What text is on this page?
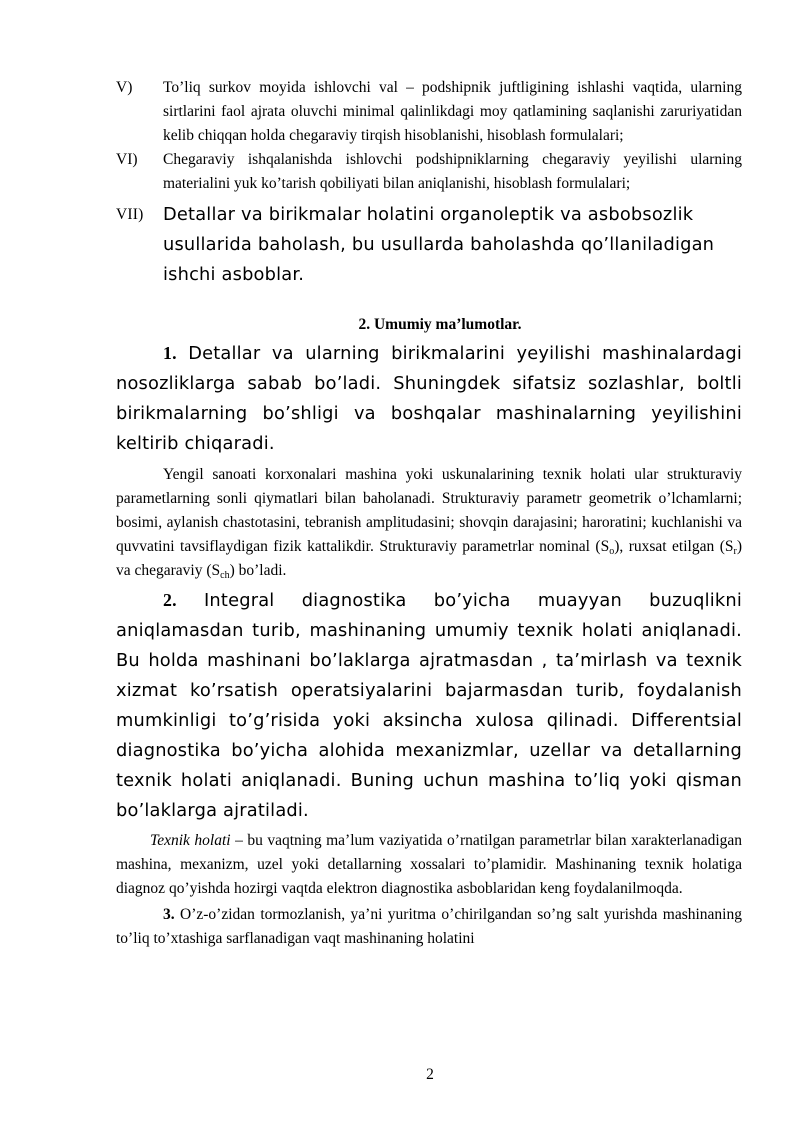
V)	To’liq surkov moyida ishlovchi val – podshipnik juftligining ishlashi vaqtida, ularning sirtlarini faol ajrata oluvchi minimal qalinlikdagi moy qatlamining saqlanishi zaruriyatidan kelib chiqqan holda chegaraviy tirqish hisoblanishi, hisoblash formulalari;
VI)	Chegaraviy ishqalanishda ishlovchi podshipniklarning chegaraviy yeyilishi ularning materialini yuk ko’tarish qobiliyati bilan aniqlanishi, hisoblash formulalari;
VII)	Detallar va birikmalar holatini organoleptik va asbobsozlik usullarida baholash, bu usullarda baholashda qo’llaniladigan ishchi asboblar.
2. Umumiy ma’lumotlar.

1. Detallar va ularning birikmalarini yeyilishi mashinalardagi nosozliklarga sabab bo’ladi. Shuningdek sifatsiz sozlashlar, boltli birikmalarning bo’shligi va boshqalar mashinalarning yeyilishini keltirib chiqaradi.

Yengil sanoati korxonalari mashina yoki uskunalarining texnik holati ular strukturaviy parametlarning sonli qiymatlari bilan baholanadi. Strukturaviy parametr geometrik o’lchamlarni; bosimi, aylanish chastotasini, tebranish amplitudasini; shovqin darajasini; haroratini; kuchlanishi va quvvatini tavsiflaydigan fizik kattalikdir. Strukturaviy parametrlar nominal $(S_o)$, ruxsat etilgan $(S_r)$ va chegaraviy $(S_{ch})$ bo’ladi.

2. Integral diagnostika bo’yicha muayyan buzuqlikni aniqlamasdan turib, mashinaning umumiy texnik holati aniqlanadi. Bu holda mashinani bo’laklarga ajratmasdan , ta’mirlash va texnik xizmat ko’rsatish operatsiyalarini bajarmasdan turib, foydalanish mumkinligi to’g’risida yoki aksincha xulosa qilinadi. Differentsial diagnostika bo’yicha alohida mexanizmlar, uzellar va detallarning texnik holati aniqlanadi. Buning uchun mashina to’liq yoki qisman bo’laklarga ajratiladi.

Texnik holati – bu vaqtning ma’lum vaziyatida o’rnatilgan parametrlar bilan xarakterlanadigan mashina, mexanizm, uzel yoki detallarning xossalari to’plamidir. Mashinaning texnik holatiga diagnoz qo’yishda hozirgi vaqtda elektron diagnostika asboblaridan keng foydalanilmoqda.

3. O’z-o’zidan tormozlanish, ya’ni yuritma o’chirilgandan so’ng salt yurishda mashinaning to’liq to’xtashiga sarflanadigan vaqt mashinaning holatini

2
